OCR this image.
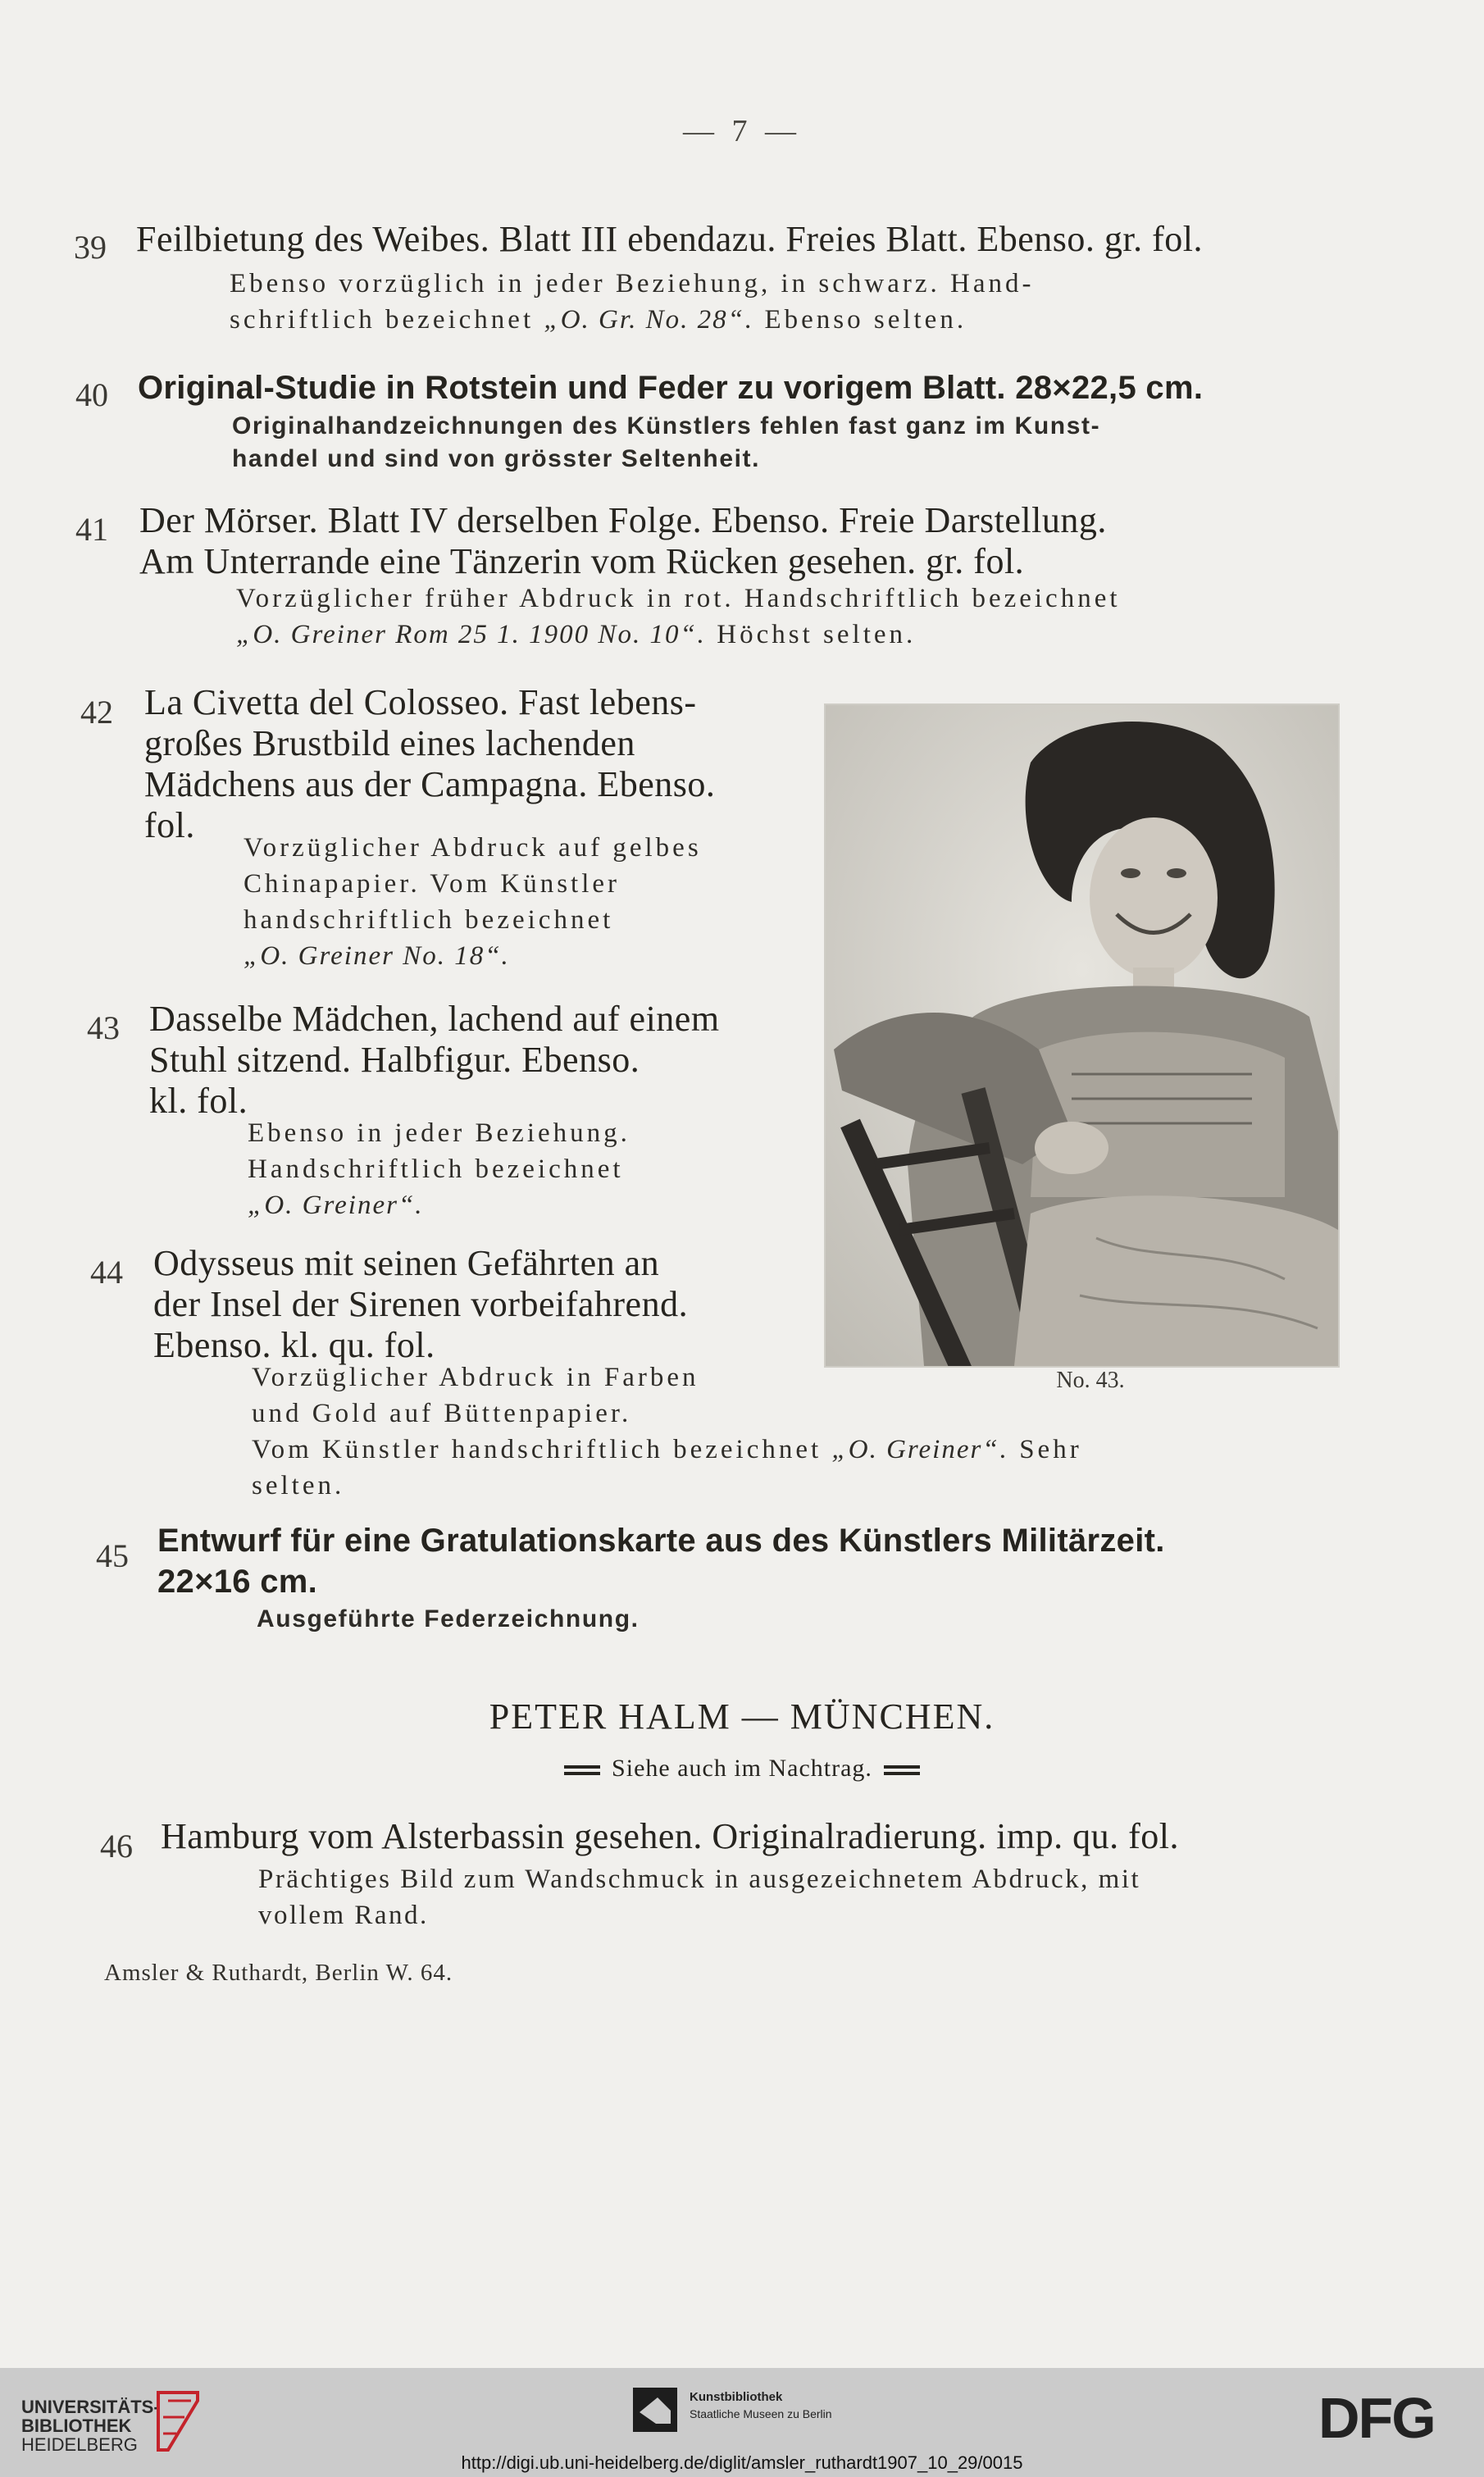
— 7 —
39 Feilbietung des Weibes. Blatt III ebendazu. Freies Blatt. Ebenso. gr. fol.
Ebenso vorzüglich in jeder Beziehung, in schwarz. Hand-
schriftlich bezeichnet „O. Gr. No. 28“. Ebenso selten.
40 Original-Studie in Rotstein und Feder zu vorigem Blatt. 28×22,5 cm.
Originalhandzeichnungen des Künstlers fehlen fast ganz im Kunst-
handel und sind von grösster Seltenheit.
41 Der Mörser. Blatt IV derselben Folge. Ebenso. Freie Darstellung.
Am Unterrande eine Tänzerin vom Rücken gesehen. gr. fol.
Vorzüglicher früher Abdruck in rot. Handschriftlich bezeichnet
„O. Greiner Rom 25 1. 1900 No. 10“. Höchst selten.
42 La Civetta del Colosseo. Fast lebens-
großes Brustbild eines lachenden
Mädchens aus der Campagna. Ebenso.
fol.
Vorzüglicher Abdruck auf gelbes
Chinapapier. Vom Künstler
handschriftlich bezeichnet
„O. Greiner No. 18“.
No. 43.
43 Dasselbe Mädchen, lachend auf einem
Stuhl sitzend. Halbfigur. Ebenso.
kl. fol.
Ebenso in jeder Beziehung.
Handschriftlich bezeichnet
„O. Greiner“.
44 Odysseus mit seinen Gefährten an
der Insel der Sirenen vorbeifahrend.
Ebenso. kl. qu. fol.
Vorzüglicher Abdruck in Farben
und Gold auf Büttenpapier.
Vom Künstler handschriftlich bezeichnet „O. Greiner“. Sehr
selten.
45 Entwurf für eine Gratulationskarte aus des Künstlers Militärzeit.
22×16 cm.
Ausgeführte Federzeichnung.
PETER HALM — MÜNCHEN.
Siehe auch im Nachtrag.
46 Hamburg vom Alsterbassin gesehen. Originalradierung. imp. qu. fol.
Prächtiges Bild zum Wandschmuck in ausgezeichnetem Abdruck, mit
vollem Rand.
Amsler & Ruthardt, Berlin W. 64.
UNIVERSITÄTS-
BIBLIOTHEK
HEIDELBERG
Kunstbibliothek
Staatliche Museen zu Berlin	DFG
http://digi.ub.uni-heidelberg.de/diglit/amsler_ruthardt1907_10_29/0015
